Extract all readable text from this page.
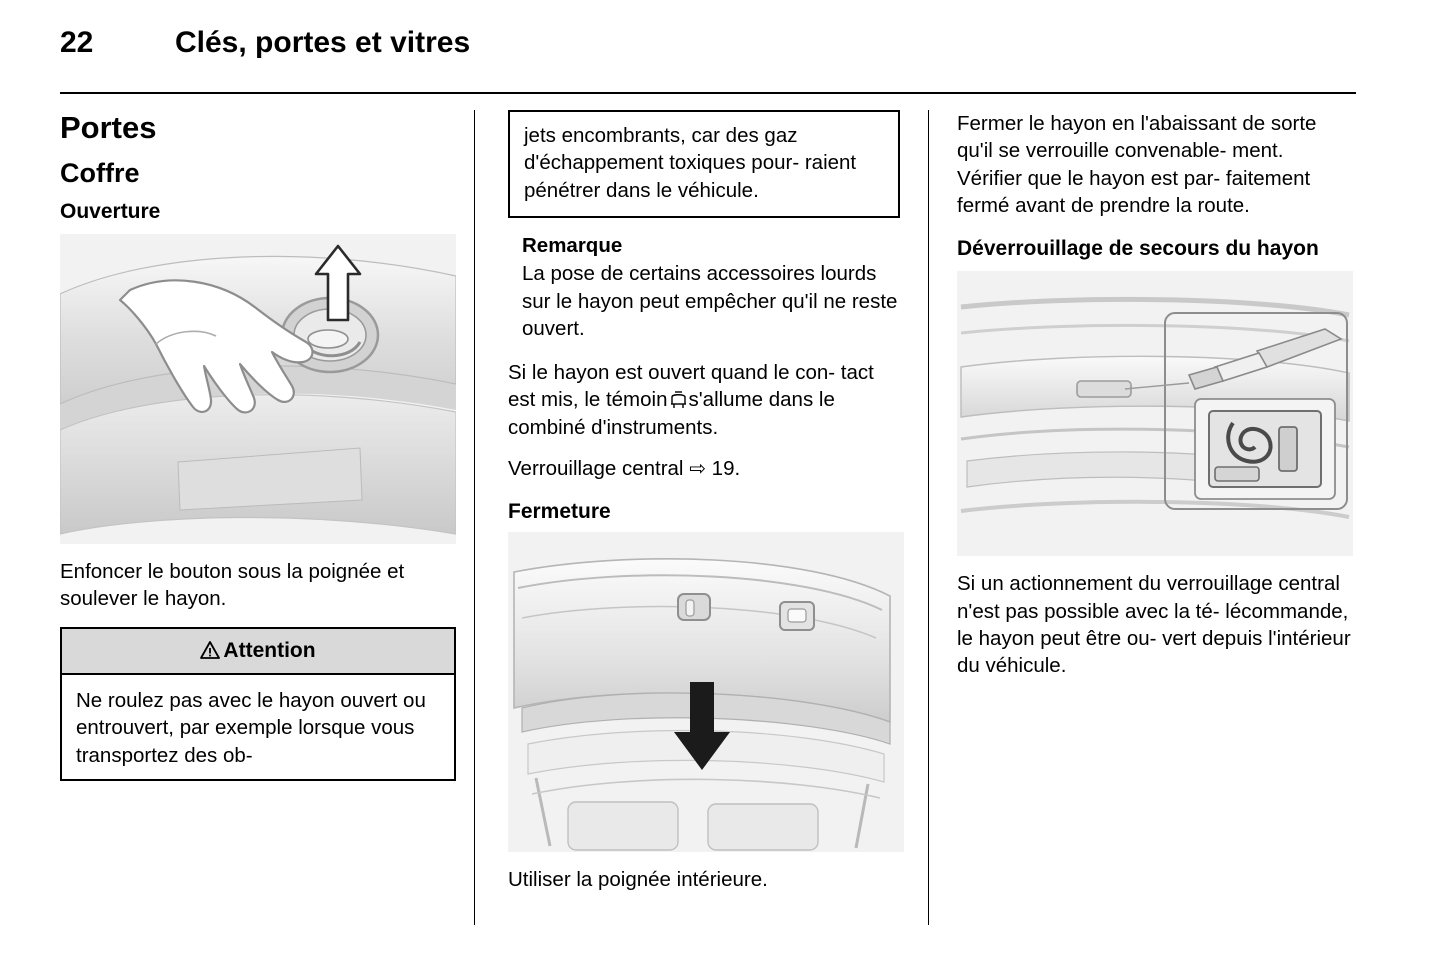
22	Clés, portes et vitres
Portes
Coffre
Ouverture

Enfoncer le bouton sous la poignée et soulever le hayon.

Attention
Ne roulez pas avec le hayon ouvert ou entrouvert, par exemple lorsque vous transportez des ob-
jets encombrants, car des gaz d'échappement toxiques pour- raient pénétrer dans le véhicule.
Remarque
La pose de certains accessoires lourds sur le hayon peut empêcher qu'il ne reste ouvert.

Si le hayon est ouvert quand le con- tact est mis, le témoin s'allume dans le combiné d'instruments.

Verrouillage central ⇨ 19.

Fermeture

Utiliser la poignée intérieure.

Fermer le hayon en l'abaissant de sorte qu'il se verrouille convenable- ment. Vérifier que le hayon est par- faitement fermé avant de prendre la route.

Déverrouillage de secours du hayon

Si un actionnement du verrouillage central n'est pas possible avec la té- lécommande, le hayon peut être ou- vert depuis l'intérieur du véhicule.
